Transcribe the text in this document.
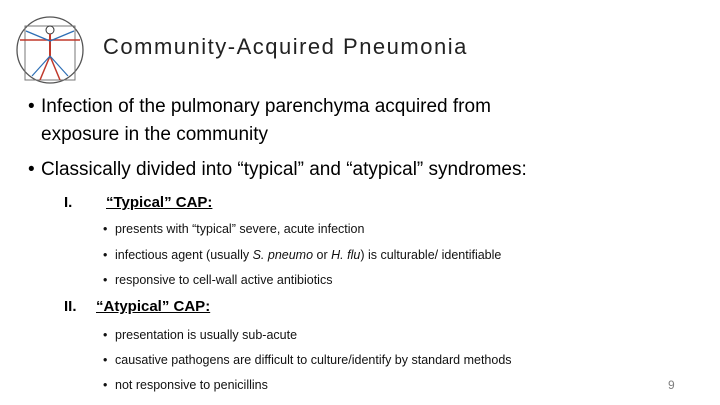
Community-Acquired Pneumonia
• Infection of the pulmonary parenchyma acquired from
exposure in the community
• Classically divided into “typical” and “atypical” syndromes:
I. “Typical” CAP:
• presents with “typical” severe, acute infection
• infectious agent (usually S. pneumo or H. flu) is culturable/ identifiable
• responsive to cell-wall active antibiotics
II. “Atypical” CAP:
• presentation is usually sub-acute
• causative pathogens are difficult to culture/identify by standard methods
• not responsive to penicillins	9
